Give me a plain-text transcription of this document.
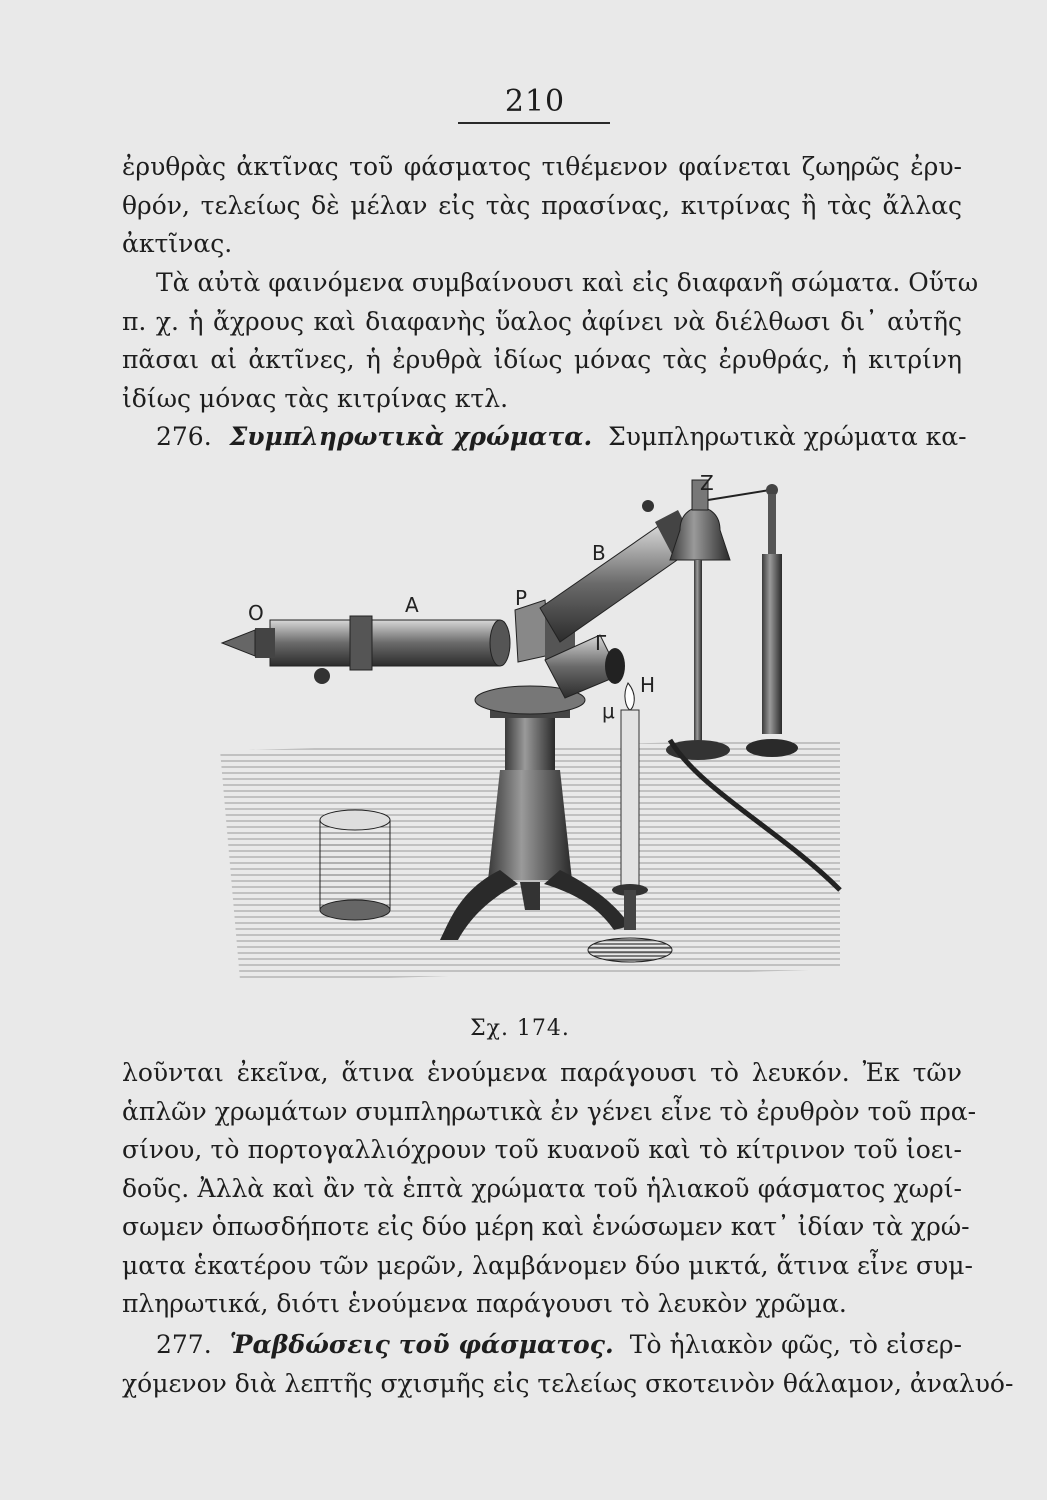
210
ἐρυθρὰς ἀκτῖνας τοῦ φάσματος τιθέμενον φαίνεται ζωηρῶς ἐρυ-
θρόν, τελείως δὲ μέλαν εἰς τὰς πρασίνας, κιτρίνας ἢ τὰς ἄλλας
ἀκτῖνας.
Τὰ αὐτὰ φαινόμενα συμβαίνουσι καὶ εἰς διαφανῆ σώματα. Οὕτω
π. χ. ἡ ἄχρους καὶ διαφανὴς ὕαλος ἀφίνει νὰ διέλθωσι δι᾽ αὐτῆς
πᾶσαι αἱ ἀκτῖνες, ἡ ἐρυθρὰ ἰδίως μόνας τὰς ἐρυθράς, ἡ κιτρίνη
ἰδίως μόνας τὰς κιτρίνας κτλ.
276. Συμπληρωτικὰ χρώματα. Συμπληρωτικὰ χρώματα κα-
O	A	P
B
Γ
H
μ
Z
Σχ. 174.
λοῦνται ἐκεῖνα, ἅτινα ἑνούμενα παράγουσι τὸ λευκόν. Ἐκ τῶν
ἁπλῶν χρωμάτων συμπληρωτικὰ ἐν γένει εἶνε τὸ ἐρυθρὸν τοῦ πρα-
σίνου, τὸ πορτογαλλιόχρουν τοῦ κυανοῦ καὶ τὸ κίτρινον τοῦ ἰοει-
δοῦς. Ἀλλὰ καὶ ἂν τὰ ἑπτὰ χρώματα τοῦ ἡλιακοῦ φάσματος χωρί-
σωμεν ὁπωσδήποτε εἰς δύο μέρη καὶ ἑνώσωμεν κατ᾽ ἰδίαν τὰ χρώ-
ματα ἑκατέρου τῶν μερῶν, λαμβάνομεν δύο μικτά, ἅτινα εἶνε συμ-
πληρωτικά, διότι ἑνούμενα παράγουσι τὸ λευκὸν χρῶμα.
277. Ῥαβδώσεις τοῦ φάσματος. Τὸ ἡλιακὸν φῶς, τὸ εἰσερ-
χόμενον διὰ λεπτῆς σχισμῆς εἰς τελείως σκοτεινὸν θάλαμον, ἀναλυό-
